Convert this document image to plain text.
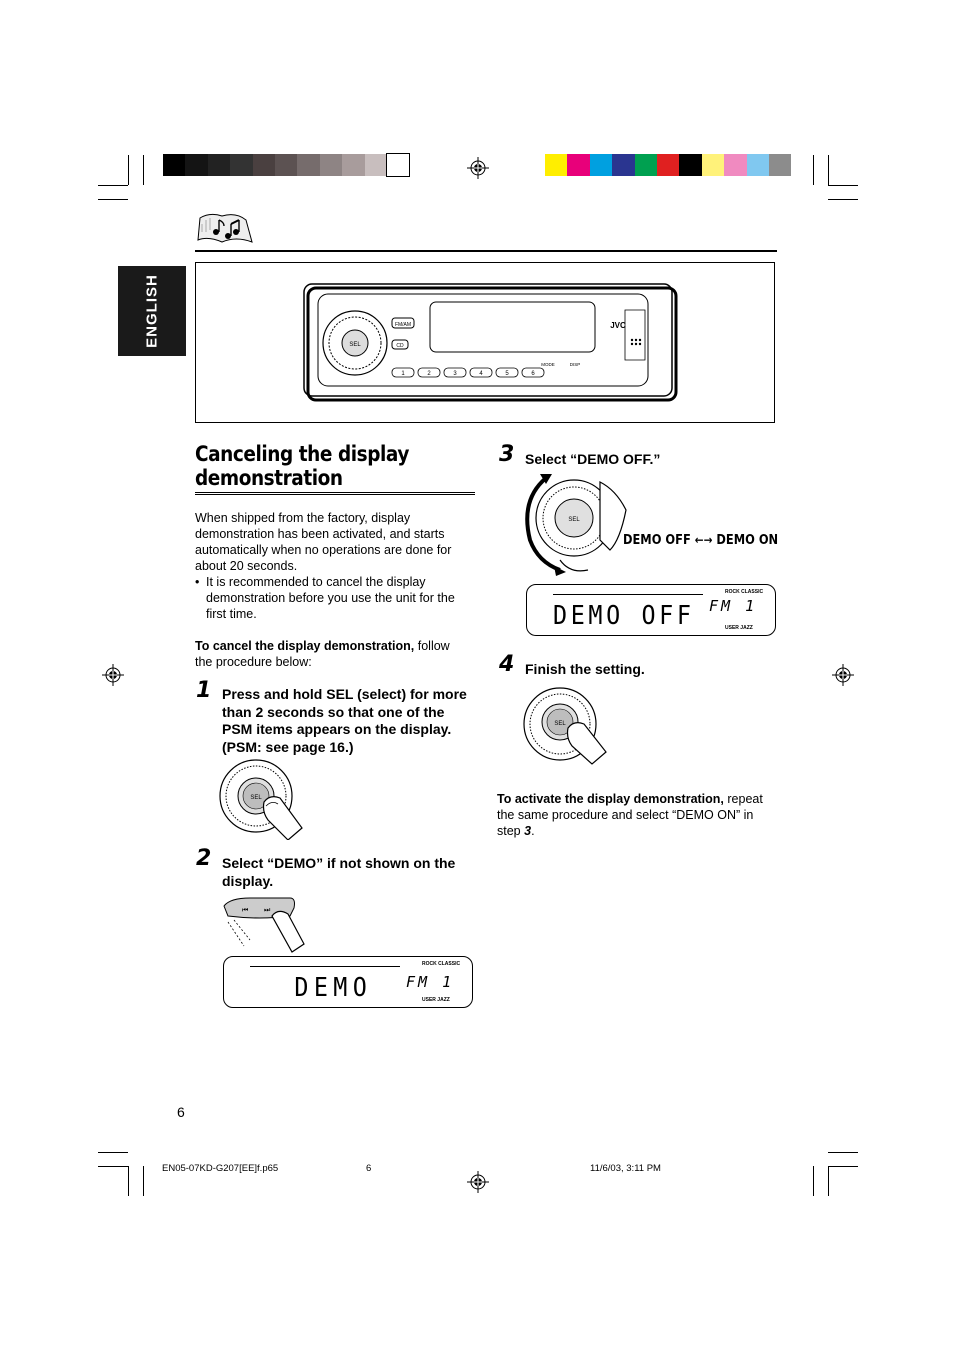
ENGLISH	SEL
JVC
FM/AM
CD
1	2	3	4	5	6
MODE	DISP
Canceling the display
demonstration
When shipped from the factory, display demonstration has been activated, and starts automatically when no operations are done for about 20 seconds.
• It is recommended to cancel the display demonstration before you use the unit for the first time.
To cancel the display demonstration, follow the procedure below:
1 Press and hold SEL (select) for more than 2 seconds so that one of the PSM items appears on the display. (PSM: see page 16.)
SEL
2 Select “DEMO” if not shown on the display.
⏮ ⏭
DEMO FM 1
ROCK CLASSIC
USER JAZZ
3 Select “DEMO OFF.”
SEL
DEMO OFF ←→ DEMO ON
DEMO OFF FM 1
ROCK CLASSIC
USER JAZZ
4 Finish the setting.
SEL
To activate the display demonstration, repeat the same procedure and select “DEMO ON” in step 3.
6
EN05-07KD-G207[EE]f.p65	6	11/6/03, 3:11 PM
